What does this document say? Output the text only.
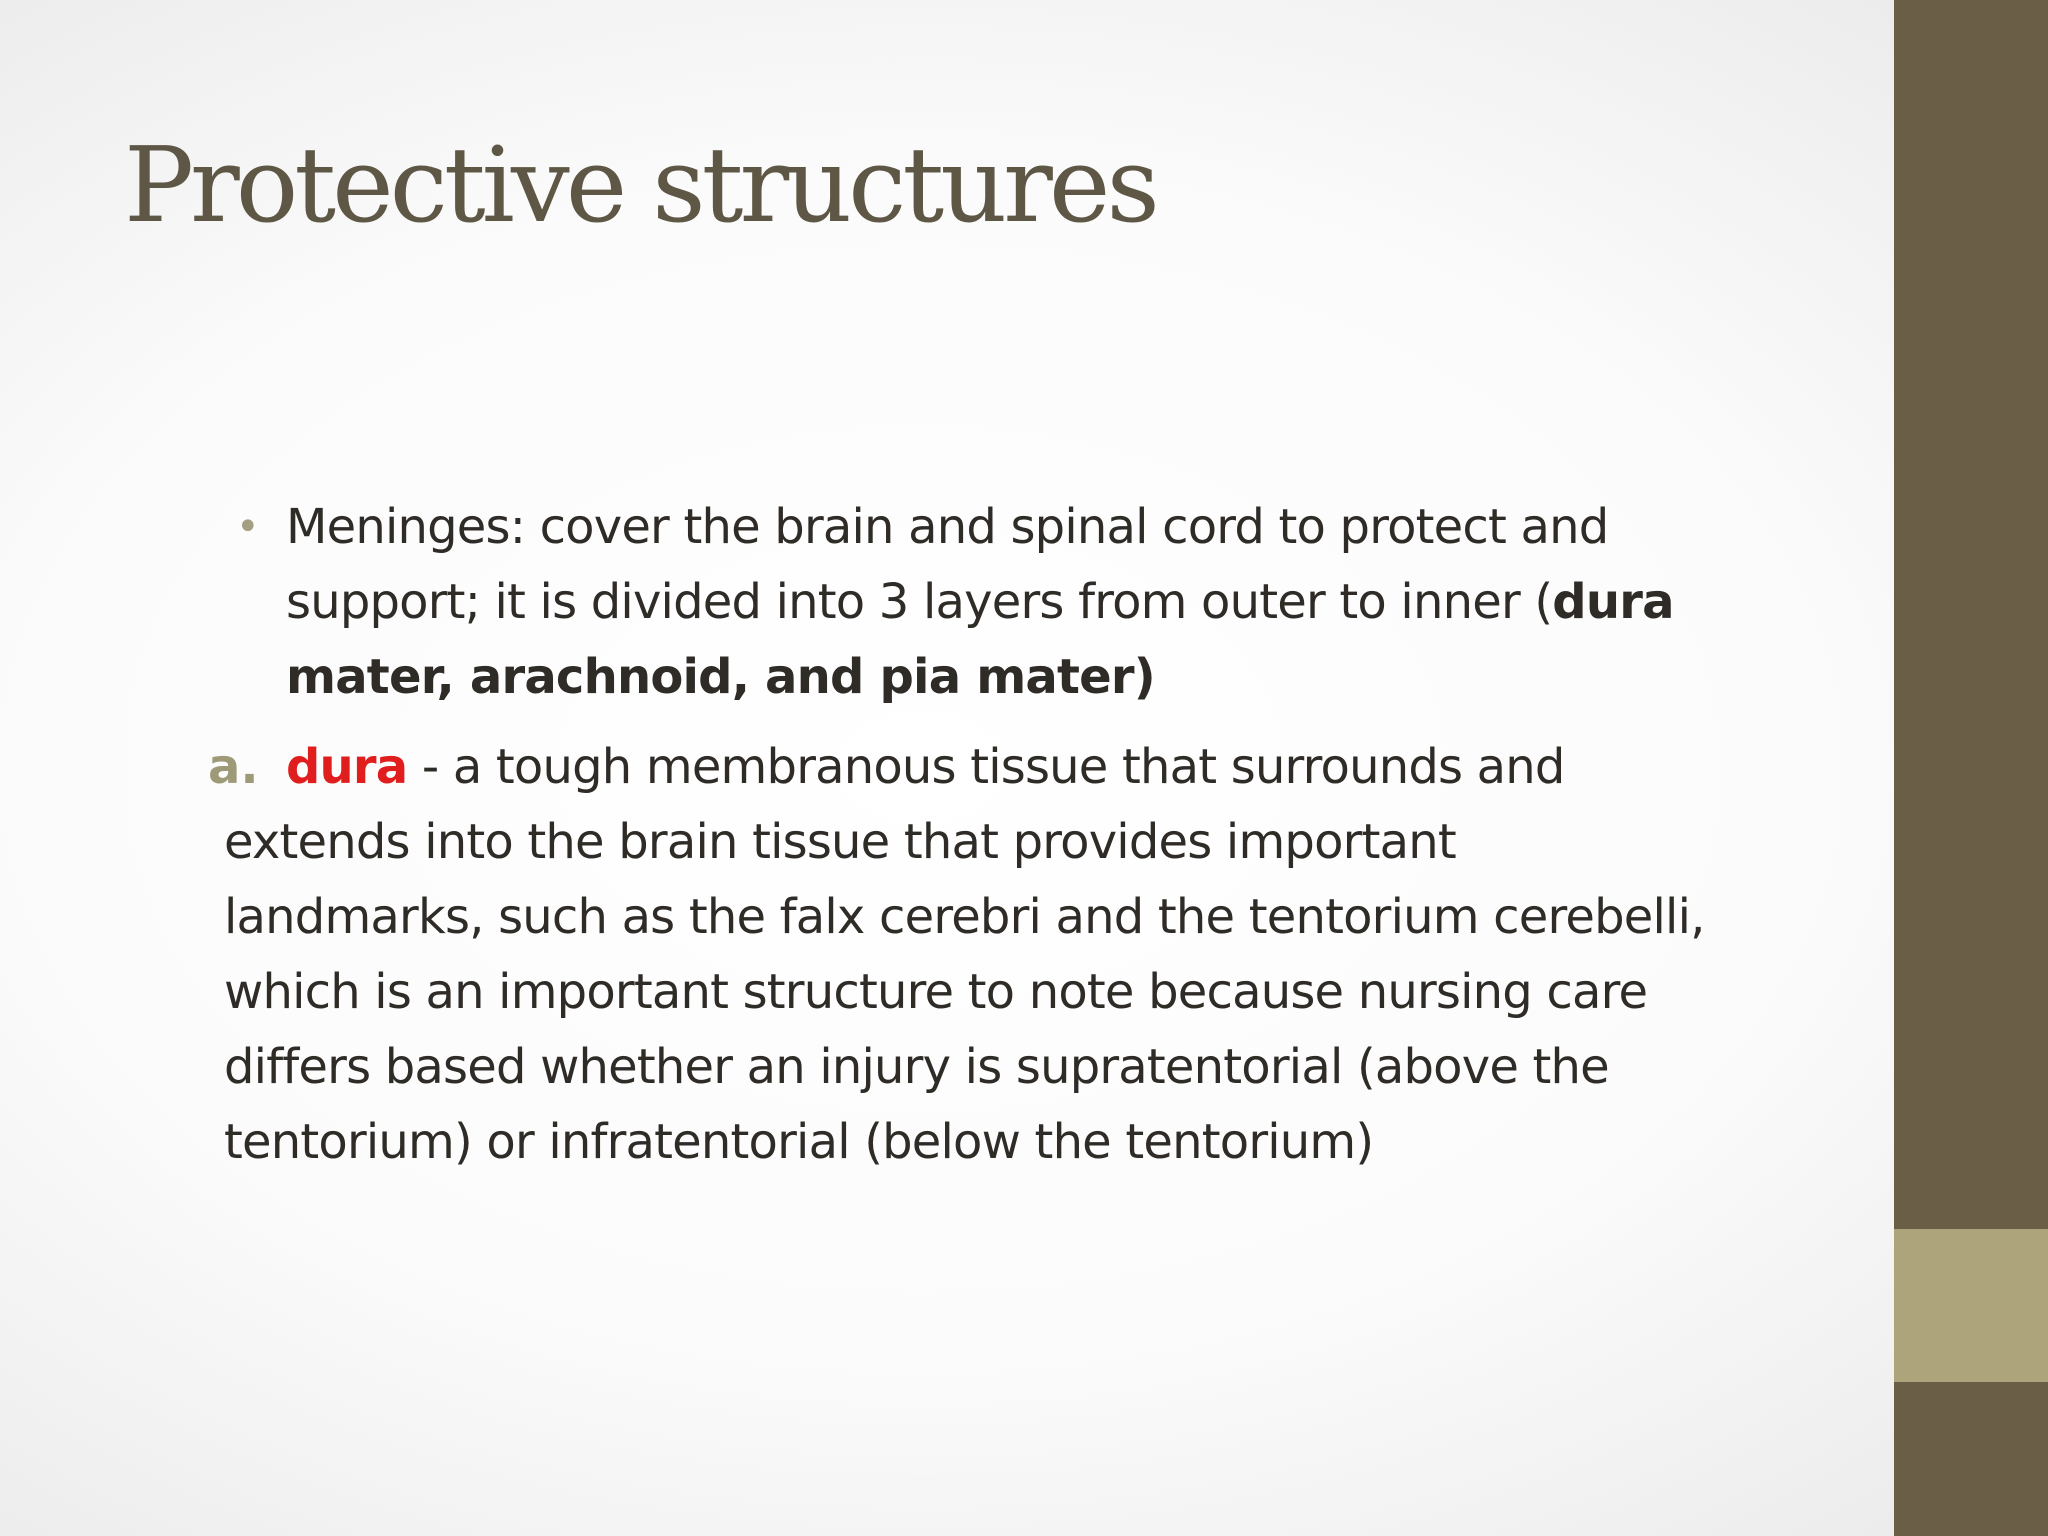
Protective structures
• Meninges: cover the brain and spinal cord to protect and
support; it is divided into 3 layers from outer to inner (dura
mater, arachnoid, and pia mater)
a. dura - a tough membranous tissue that surrounds and
extends into the brain tissue that provides important
landmarks, such as the falx cerebri and the tentorium cerebelli,
which is an important structure to note because nursing care
differs based whether an injury is supratentorial (above the
tentorium) or infratentorial (below the tentorium)
